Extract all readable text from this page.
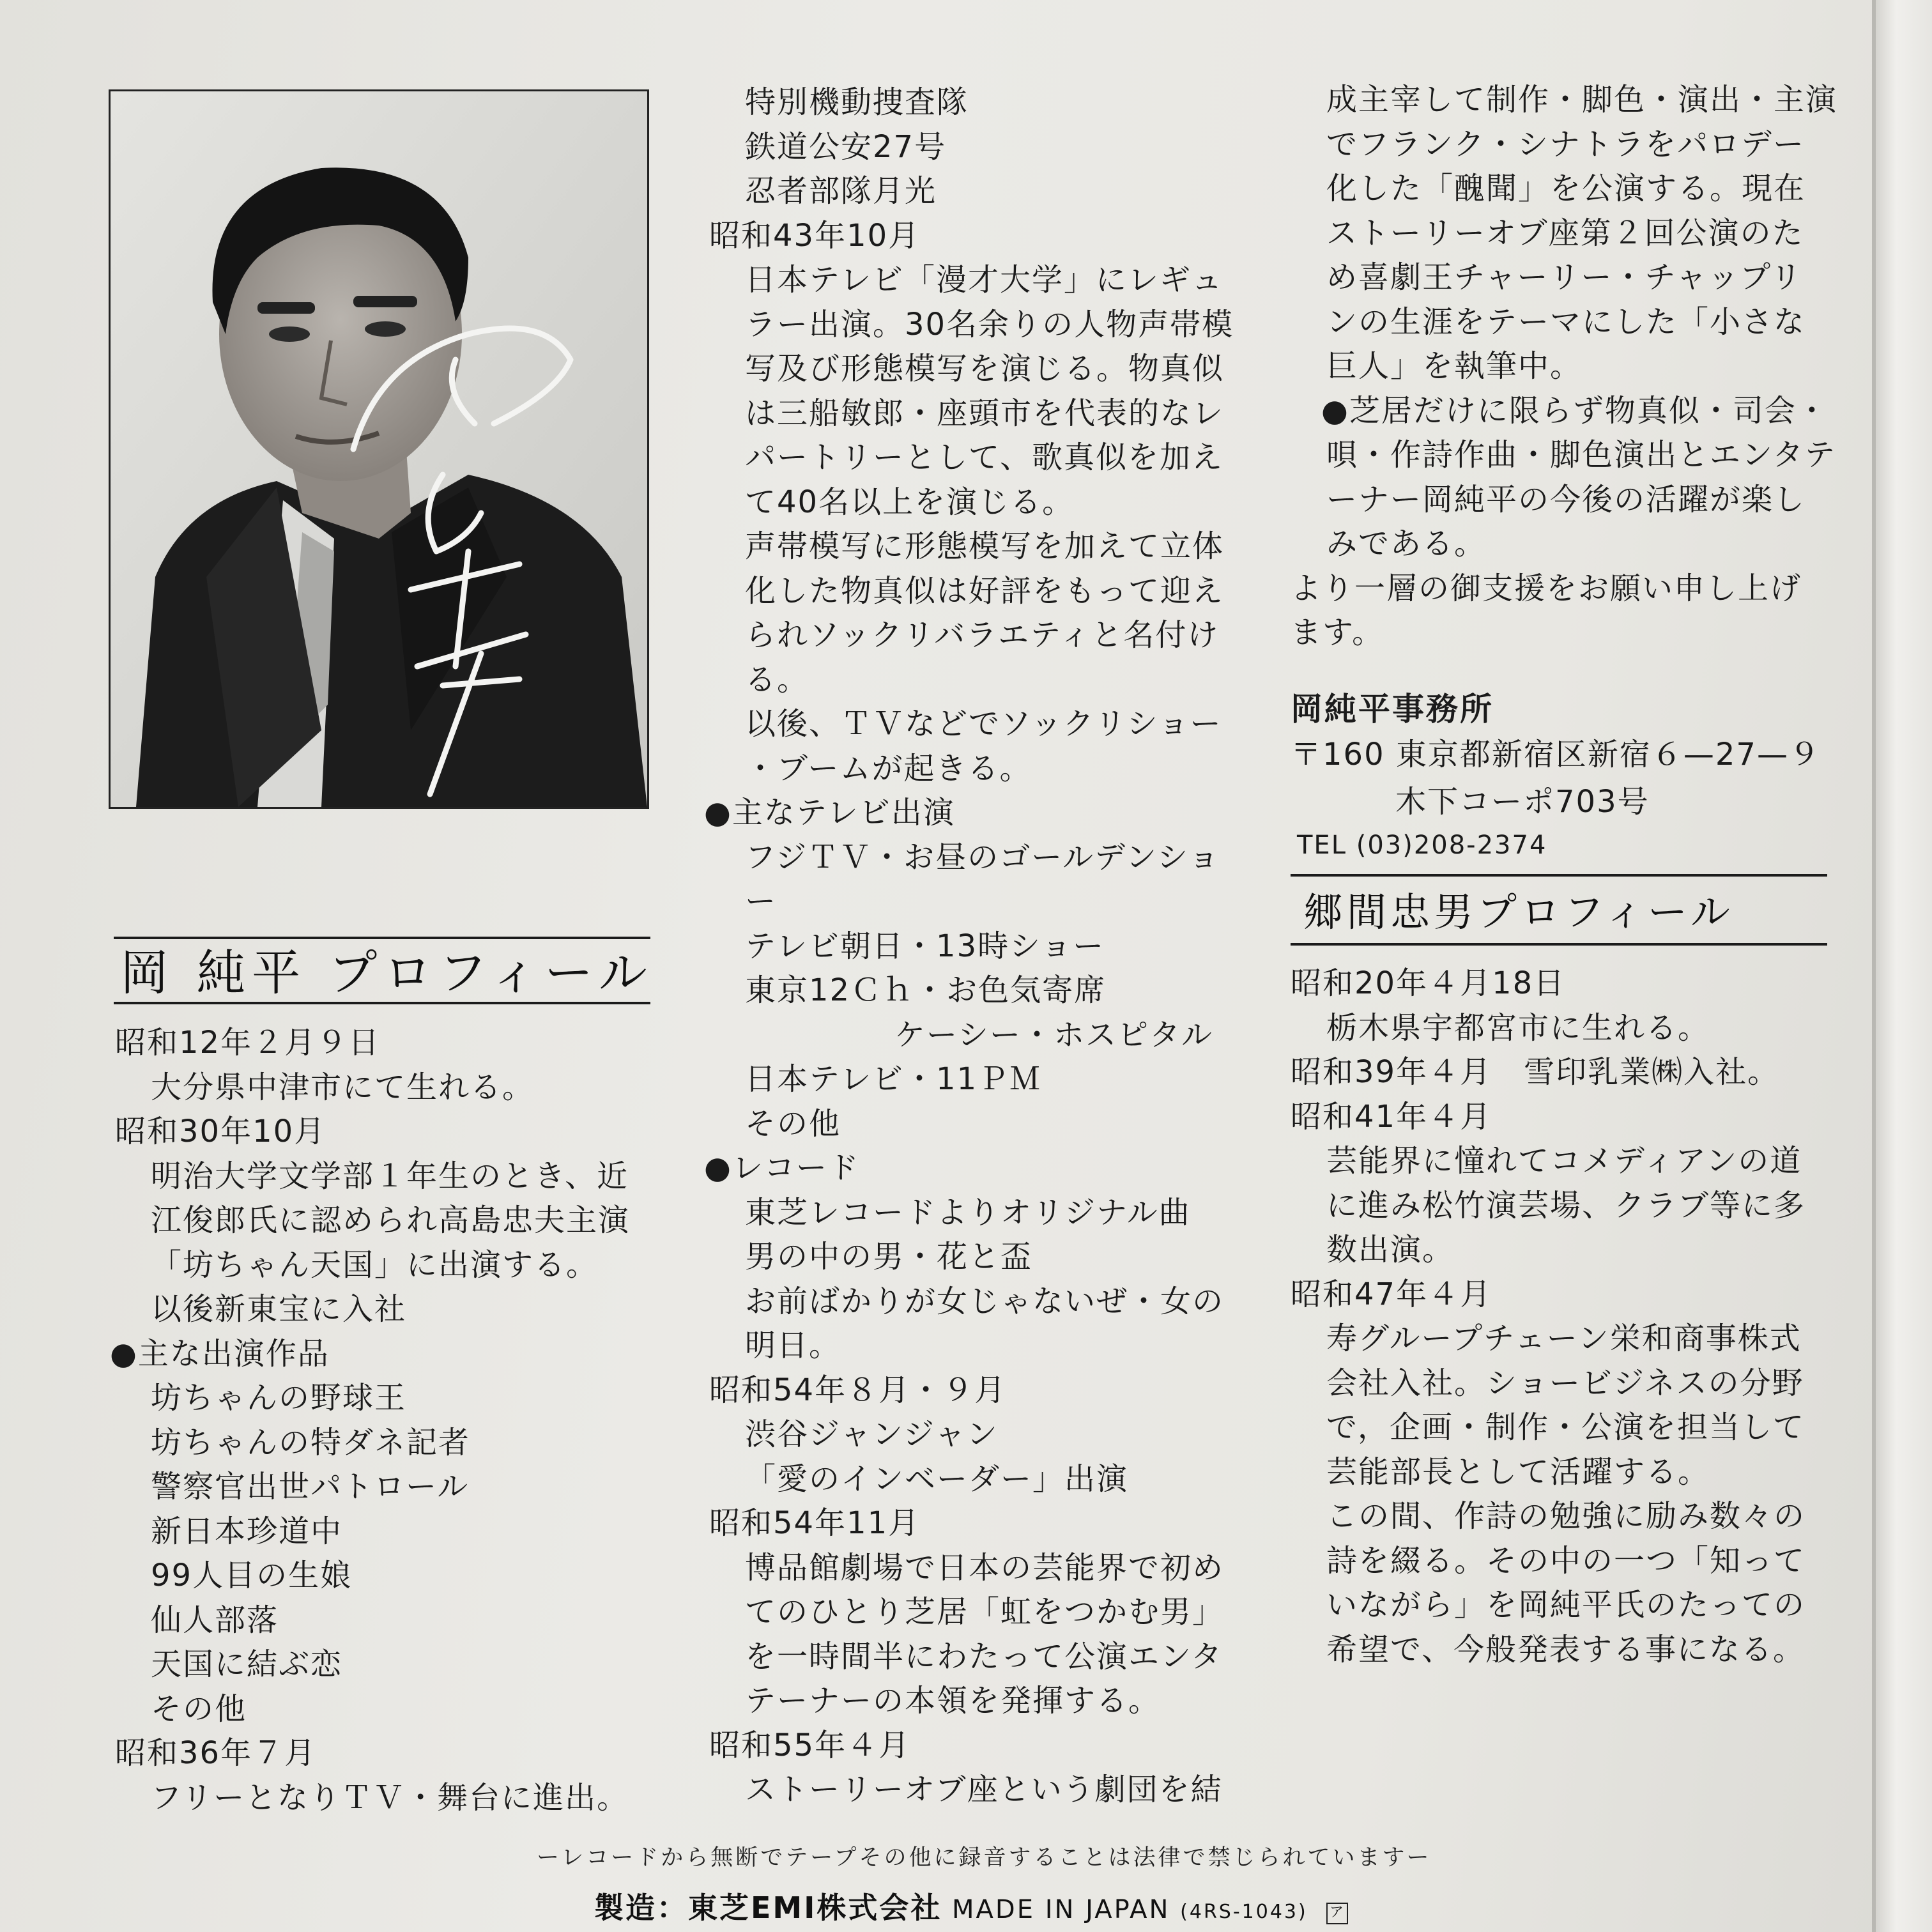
岡 純平 プロフィール
昭和12年２月９日
大分県中津市にて生れる。
昭和30年10月
明治大学文学部１年生のとき、近
江俊郎氏に認められ高島忠夫主演
「坊ちゃん天国」に出演する。
以後新東宝に入社
●主な出演作品
坊ちゃんの野球王
坊ちゃんの特ダネ記者
警察官出世パトロール
新日本珍道中
99人目の生娘
仙人部落
天国に結ぶ恋
その他
昭和36年７月
フリーとなりＴＶ・舞台に進出。
特別機動捜査隊
鉄道公安27号
忍者部隊月光
昭和43年10月
日本テレビ「漫才大学」にレギュ
ラー出演。30名余りの人物声帯模
写及び形態模写を演じる。物真似
は三船敏郎・座頭市を代表的なレ
パートリーとして、歌真似を加え
て40名以上を演じる。
声帯模写に形態模写を加えて立体
化した物真似は好評をもって迎え
られソックリバラエティと名付け
る。
以後、ＴＶなどでソックリショー
・ブームが起きる。
●主なテレビ出演
フジＴＶ・お昼のゴールデンショ
ー
テレビ朝日・13時ショー
東京12Ｃｈ・お色気寄席
ケーシー・ホスピタル
日本テレビ・11ＰＭ
その他
●レコード
東芝レコードよりオリジナル曲
男の中の男・花と盃
お前ばかりが女じゃないぜ・女の
明日。
昭和54年８月・９月
渋谷ジャンジャン
「愛のインベーダー」出演
昭和54年11月
博品館劇場で日本の芸能界で初め
てのひとり芝居「虹をつかむ男」
を一時間半にわたって公演エンタ
テーナーの本領を発揮する。
昭和55年４月
ストーリーオブ座という劇団を結
成主宰して制作・脚色・演出・主演
でフランク・シナトラをパロデー
化した「醜聞」を公演する。現在
ストーリーオブ座第２回公演のた
め喜劇王チャーリー・チャップリ
ンの生涯をテーマにした「小さな
巨人」を執筆中。
●芝居だけに限らず物真似・司会・
唄・作詩作曲・脚色演出とエンタテ
ーナー岡純平の今後の活躍が楽し
みである。
より一層の御支援をお願い申し上げ
ます。
岡純平事務所
〒160 東京都新宿区新宿６—27—９
木下コーポ703号
TEL (03)208-2374
郷間忠男プロフィール
昭和20年４月18日
栃木県宇都宮市に生れる。
昭和39年４月　雪印乳業㈱入社。
昭和41年４月
芸能界に憧れてコメディアンの道
に進み松竹演芸場、クラブ等に多
数出演。
昭和47年４月
寿グループチェーン栄和商事株式
会社入社。ショービジネスの分野
で，企画・制作・公演を担当して
芸能部長として活躍する。
この間、作詩の勉強に励み数々の
詩を綴る。その中の一つ「知って
いながら」を岡純平氏のたっての
希望で、今般発表する事になる。
ーレコードから無断でテープその他に録音することは法律で禁じられていますー
製造：東芝EMI株式会社 MADE IN JAPAN (4RS-1043) ア
